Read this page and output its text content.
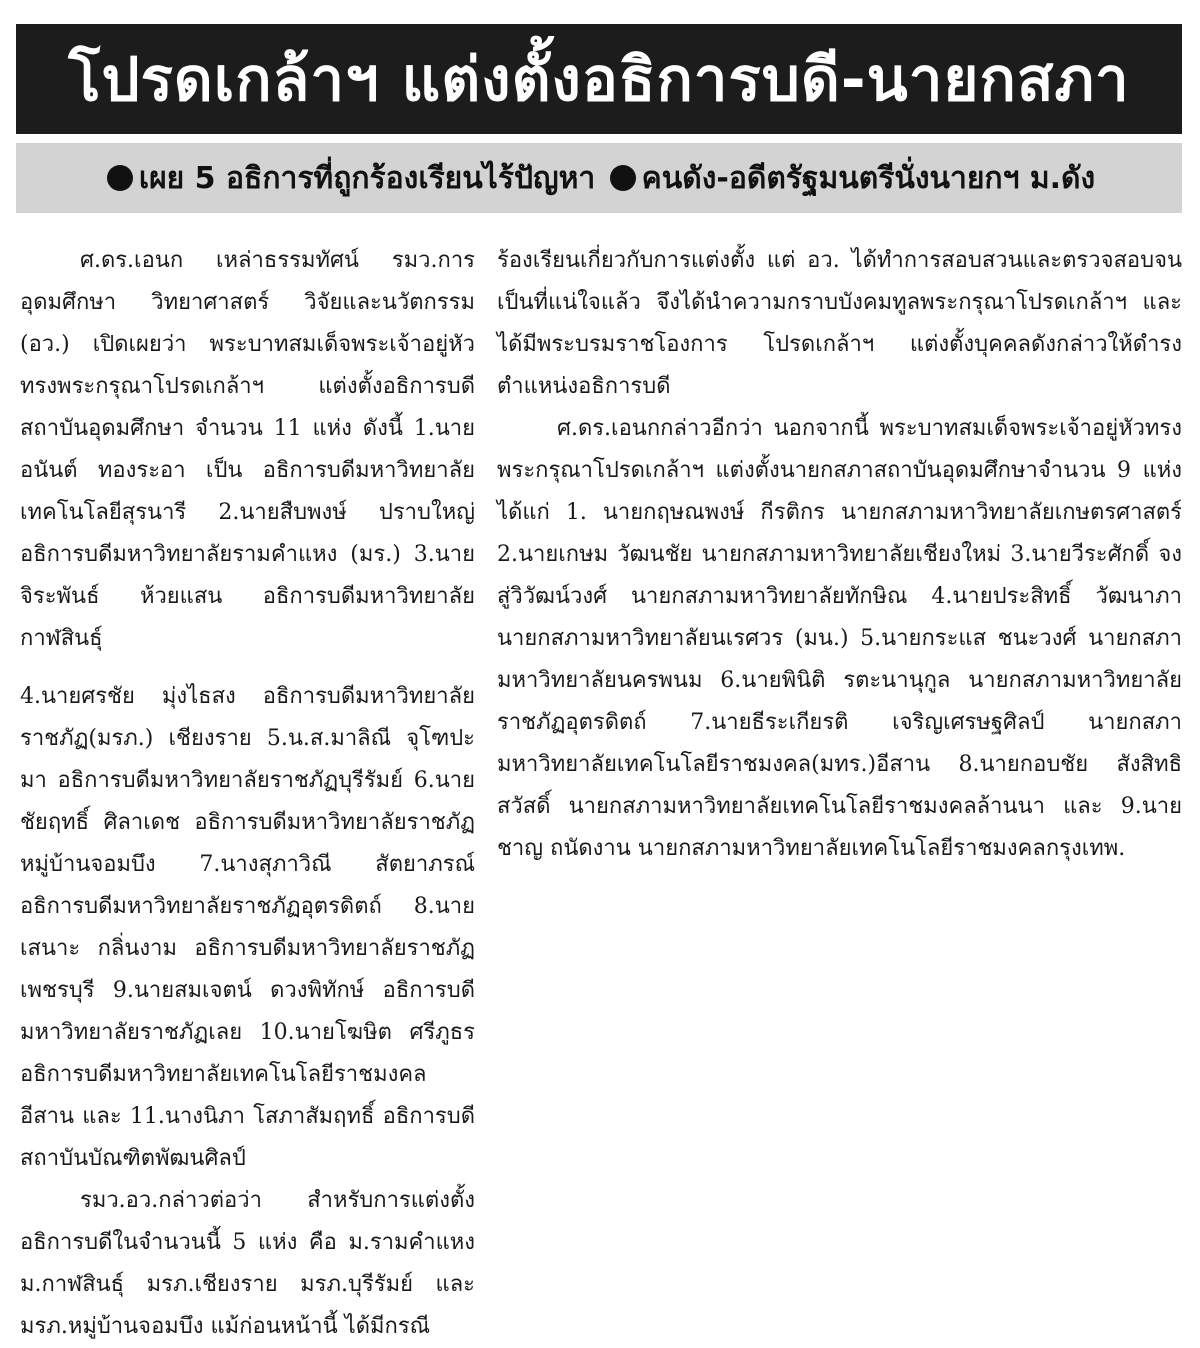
โปรดเกล้าฯ แต่งตั้งอธิการบดี-นายกสภา
เผย 5 อธิการที่ถูกร้องเรียนไร้ปัญหา คนดัง-อดีตรัฐมนตรีนั่งนายกฯ ม.ดัง

ศ.ดร.เอนก เหล่าธรรมทัศน์ รมว.การอุดมศึกษา วิทยาศาสตร์ วิจัยและนวัตกรรม (อว.) เปิดเผยว่า พระบาทสมเด็จพระเจ้าอยู่หัวทรงพระกรุณาโปรดเกล้าฯ แต่งตั้งอธิการบดีสถาบันอุดมศึกษา จำนวน 11 แห่ง ดังนี้ 1.นายอนันต์ ทองระอา เป็น อธิการบดีมหาวิทยาลัยเทคโนโลยีสุรนารี 2.นายสืบพงษ์ ปราบใหญ่ อธิการบดีมหาวิทยาลัยรามคำแหง (มร.) 3.นายจิระพันธ์ ห้วยแสน อธิการบดีมหาวิทยาลัยกาฬสินธุ์

4.นายศรชัย มุ่งไธสง อธิการบดีมหาวิทยาลัยราชภัฏ(มรภ.) เชียงราย 5.น.ส.มาลิณี จุโฑปะมา อธิการบดีมหาวิทยาลัยราชภัฏบุรีรัมย์ 6.นายชัยฤทธิ์ ศิลาเดช อธิการบดีมหาวิทยาลัยราชภัฏหมู่บ้านจอมบึง 7.นางสุภาวิณี สัตยาภรณ์ อธิการบดีมหาวิทยาลัยราชภัฏอุตรดิตถ์ 8.นายเสนาะ กลิ่นงาม อธิการบดีมหาวิทยาลัยราชภัฏเพชรบุรี 9.นายสมเจตน์ ดวงพิทักษ์ อธิการบดีมหาวิทยาลัยราชภัฏเลย 10.นายโฆษิต ศรีภูธร อธิการบดีมหาวิทยาลัยเทคโนโลยีราชมงคลอีสาน และ 11.นางนิภา โสภาสัมฤทธิ์ อธิการบดีสถาบันบัณฑิตพัฒนศิลป์

รมว.อว.กล่าวต่อว่า สำหรับการแต่งตั้งอธิการบดีในจำนวนนี้ 5 แห่ง คือ ม.รามคำแหง ม.กาฬสินธุ์ มรภ.เชียงราย มรภ.บุรีรัมย์ และ มรภ.หมู่บ้านจอมบึง แม้ก่อนหน้านี้ ได้มีกรณี

ร้องเรียนเกี่ยวกับการแต่งตั้ง แต่ อว. ได้ทำการสอบสวนและตรวจสอบจนเป็นที่แน่ใจแล้ว จึงได้นำความกราบบังคมทูลพระกรุณาโปรดเกล้าฯ และได้มีพระบรมราชโองการ โปรดเกล้าฯ แต่งตั้งบุคคลดังกล่าวให้ดำรงตำแหน่งอธิการบดี

ศ.ดร.เอนกกล่าวอีกว่า นอกจากนี้ พระบาทสมเด็จพระเจ้าอยู่หัวทรงพระกรุณาโปรดเกล้าฯ แต่งตั้งนายกสภาสถาบันอุดมศึกษาจำนวน 9 แห่ง ได้แก่ 1. นายกฤษณพงษ์ กีรติกร นายกสภามหาวิทยาลัยเกษตรศาสตร์ 2.นายเกษม วัฒนชัย นายกสภามหาวิทยาลัยเชียงใหม่ 3.นายวีระศักดิ์ จงสู่วิวัฒน์วงศ์ นายกสภามหาวิทยาลัยทักษิณ 4.นายประสิทธิ์ วัฒนาภา นายกสภามหาวิทยาลัยนเรศวร (มน.) 5.นายกระแส ชนะวงศ์ นายกสภามหาวิทยาลัยนครพนม 6.นายพินิติ รตะนานุกูล นายกสภามหาวิทยาลัยราชภัฏอุตรดิตถ์ 7.นายธีระเกียรติ เจริญเศรษฐศิลป์ นายกสภามหาวิทยาลัยเทคโนโลยีราชมงคล(มทร.)อีสาน 8.นายกอบชัย สังสิทธิสวัสดิ์ นายกสภามหาวิทยาลัยเทคโนโลยีราชมงคลล้านนา และ 9.นายชาญ ถนัดงาน นายกสภามหาวิทยาลัยเทคโนโลยีราชมงคลกรุงเทพ.
